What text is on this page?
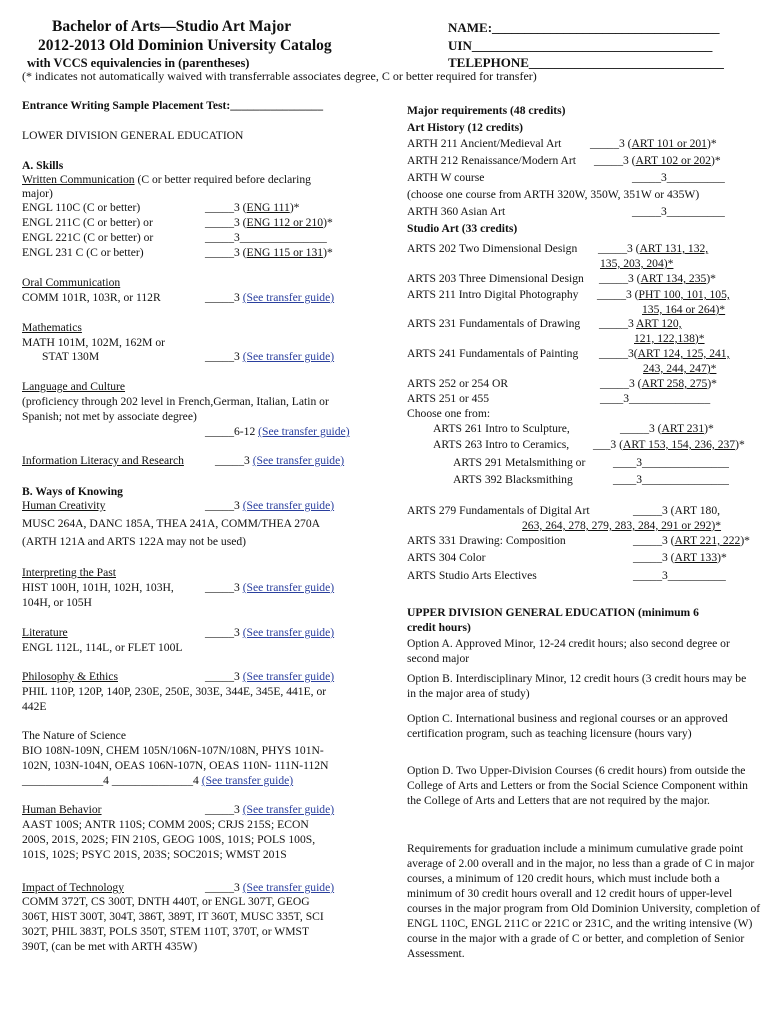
Bachelor of Arts—Studio Art Major
2012-2013 Old Dominion University Catalog
with VCCS equivalencies in (parentheses)
(* indicates not automatically waived with transferrable associates degree, C or better required for transfer)
NAME:___________________________________
UIN_____________________________________
TELEPHONE______________________________
Entrance Writing Sample Placement Test:________________
LOWER DIVISION GENERAL EDUCATION
A. Skills
Written Communication (C or better required before declaring
major)
ENGL 110C (C or better)	_____3 (ENG 111)*
ENGL 211C (C or better) or	_____3 (ENG 112 or 210)*
ENGL 221C (C or better) or	_____3_______________
ENGL 231 C (C or better)	_____3 (ENG 115 or 131)*
Oral Communication
COMM 101R, 103R, or 112R	_____3 (See transfer guide)
Mathematics
MATH 101M, 102M, 162M or
STAT 130M	_____3 (See transfer guide)
Language and Culture
(proficiency through 202 level in French,German, Italian, Latin or
Spanish; not met by associate degree)
_____6-12 (See transfer guide)
Information Literacy and Research	_____3 (See transfer guide)
B. Ways of Knowing
Human Creativity	_____3 (See transfer guide)
MUSC 264A, DANC 185A, THEA 241A, COMM/THEA 270A
(ARTH 121A and ARTS 122A may not be used)
Interpreting the Past
HIST 100H, 101H, 102H, 103H,	_____3 (See transfer guide)
104H, or 105H
Literature	_____3 (See transfer guide)
ENGL 112L, 114L, or FLET 100L
Philosophy & Ethics	_____3 (See transfer guide)
PHIL 110P, 120P, 140P, 230E, 250E, 303E, 344E, 345E, 441E, or
442E
The Nature of Science
BIO 108N-109N, CHEM 105N/106N-107N/108N, PHYS 101N-
102N, 103N-104N, OEAS 106N-107N, OEAS 110N- 111N-112N
______________4 ______________4 (See transfer guide)
Human Behavior	_____3 (See transfer guide)
AAST 100S; ANTR 110S; COMM 200S; CRJS 215S; ECON
200S, 201S, 202S; FIN 210S, GEOG 100S, 101S; POLS 100S,
101S, 102S; PSYC 201S, 203S; SOC201S; WMST 201S
Impact of Technology	_____3 (See transfer guide)
COMM 372T, CS 300T, DNTH 440T, or ENGL 307T, GEOG
306T, HIST 300T, 304T, 386T, 389T, IT 360T, MUSC 335T, SCI
302T, PHIL 383T, POLS 350T, STEM 110T, 370T, or WMST
390T, (can be met with ARTH 435W)
Major requirements (48 credits)
Art History (12 credits)
ARTH 211 Ancient/Medieval Art _____3 (ART 101 or 201)*
ARTH 212 Renaissance/Modern Art _____3 (ART 102 or 202)*
ARTH W course	_____3__________
(choose one course from ARTH 320W, 350W, 351W or 435W)
ARTH 360 Asian Art	_____3__________
Studio Art (33 credits)
ARTS 202 Two Dimensional Design _____3 (ART 131, 132,
135, 203, 204)*
ARTS 203 Three Dimensional Design _____3 (ART 134, 235)*
ARTS 211 Intro Digital Photography _____3 (PHT 100, 101, 105,
135, 164 or 264)*
ARTS 231 Fundamentals of Drawing _____3 ART 120,
121, 122,138)*
ARTS 241 Fundamentals of Painting _____3(ART 124, 125, 241,
243, 244, 247)*
ARTS 252 or 254 OR	_____3 (ART 258, 275)*
ARTS 251 or 455	____3______________
Choose one from:
ARTS 261 Intro to Sculpture,	_____3 (ART 231)*
ARTS 263 Intro to Ceramics, ___3 (ART 153, 154, 236, 237)*
ARTS 291 Metalsmithing or ____3_______________
ARTS 392 Blacksmithing	____3_______________
ARTS 279 Fundamentals of Digital Art	_____3 (ART 180,
263, 264, 278, 279, 283, 284, 291 or 292)*
ARTS 331 Drawing: Composition	_____3 (ART 221, 222)*
ARTS 304 Color	_____3 (ART 133)*
ARTS Studio Arts Electives	_____3__________
UPPER DIVISION GENERAL EDUCATION (minimum 6
credit hours)
Option A. Approved Minor, 12-24 credit hours; also second degree or second major
Option B. Interdisciplinary Minor, 12 credit hours (3 credit hours may be in the major area of study)
Option C. International business and regional courses or an approved certification program, such as teaching licensure (hours vary)
Option D. Two Upper-Division Courses (6 credit hours) from outside the College of Arts and Letters or from the Social Science Component within the College of Arts and Letters that are not required by the major.
Requirements for graduation include a minimum cumulative grade point average of 2.00 overall and in the major, no less than a grade of C in major courses, a minimum of 120 credit hours, which must include both a minimum of 30 credit hours overall and 12 credit hours of upper-level courses in the major program from Old Dominion University, completion of ENGL 110C, ENGL 211C or 221C or 231C, and the writing intensive (W) course in the major with a grade of C or better, and completion of Senior Assessment.
